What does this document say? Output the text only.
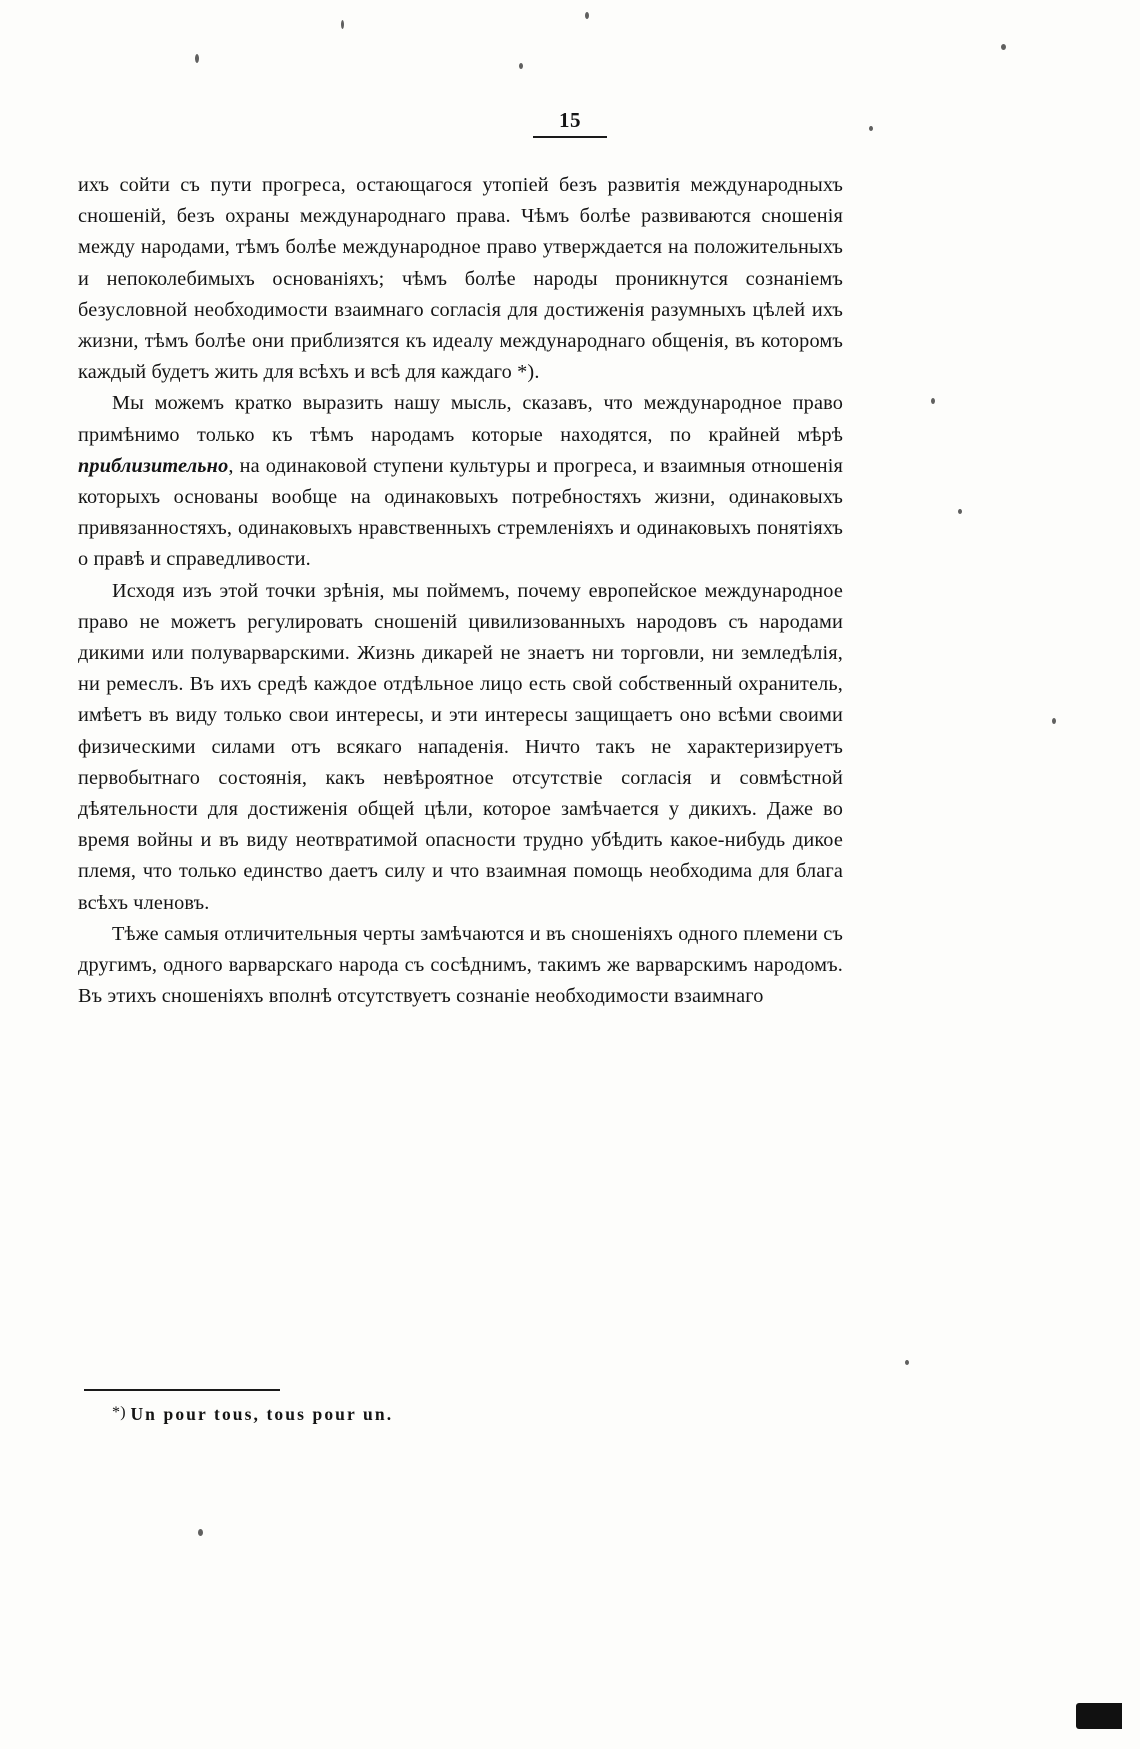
15

ихъ сойти съ пути прогреса, остающагося утопіей безъ развитія международныхъ сношеній, безъ охраны международнаго права. Чѣмъ болѣе развиваются сношенія между народами, тѣмъ болѣе международное право утверждается на положительныхъ и непоколебимыхъ основаніяхъ; чѣмъ болѣе народы проникнутся сознаніемъ безусловной необходимости взаимнаго согласія для достиженія разумныхъ цѣлей ихъ жизни, тѣмъ болѣе они приблизятся къ идеалу международнаго общенія, въ которомъ каждый будетъ жить для всѣхъ и всѣ для каждаго *).

Мы можемъ кратко выразить нашу мысль, сказавъ, что международное право примѣнимо только къ тѣмъ народамъ которые находятся, по крайней мѣрѣ приблизительно, на одинаковой ступени культуры и прогреса, и взаимныя отношенія которыхъ основаны вообще на одинаковыхъ потребностяхъ жизни, одинаковыхъ привязанностяхъ, одинаковыхъ нравственныхъ стремленіяхъ и одинаковыхъ понятіяхъ о правѣ и справедливости.

Исходя изъ этой точки зрѣнія, мы поймемъ, почему европейское международное право не можетъ регулировать сношеній цивилизованныхъ народовъ съ народами дикими или полуварварскими. Жизнь дикарей не знаетъ ни торговли, ни земледѣлія, ни ремеслъ. Въ ихъ средѣ каждое отдѣльное лицо есть свой собственный охранитель, имѣетъ въ виду только свои интересы, и эти интересы защищаетъ оно всѣми своими физическими силами отъ всякаго нападенія. Ничто такъ не характеризируетъ первобытнаго состоянія, какъ невѣроятное отсутствіе согласія и совмѣстной дѣятельности для достиженія общей цѣли, которое замѣчается у дикихъ. Даже во время войны и въ виду неотвратимой опасности трудно убѣдить какое-нибудь дикое племя, что только единство даетъ силу и что взаимная помощь необходима для блага всѣхъ членовъ.

Тѣже самыя отличительныя черты замѣчаются и въ сношеніяхъ одного племени съ другимъ, одного варварскаго народа съ сосѣднимъ, такимъ же варварскимъ народомъ. Въ этихъ сношеніяхъ вполнѣ отсутствуетъ сознаніе необходимости взаимнаго

*) Un pour tous, tous pour un.
